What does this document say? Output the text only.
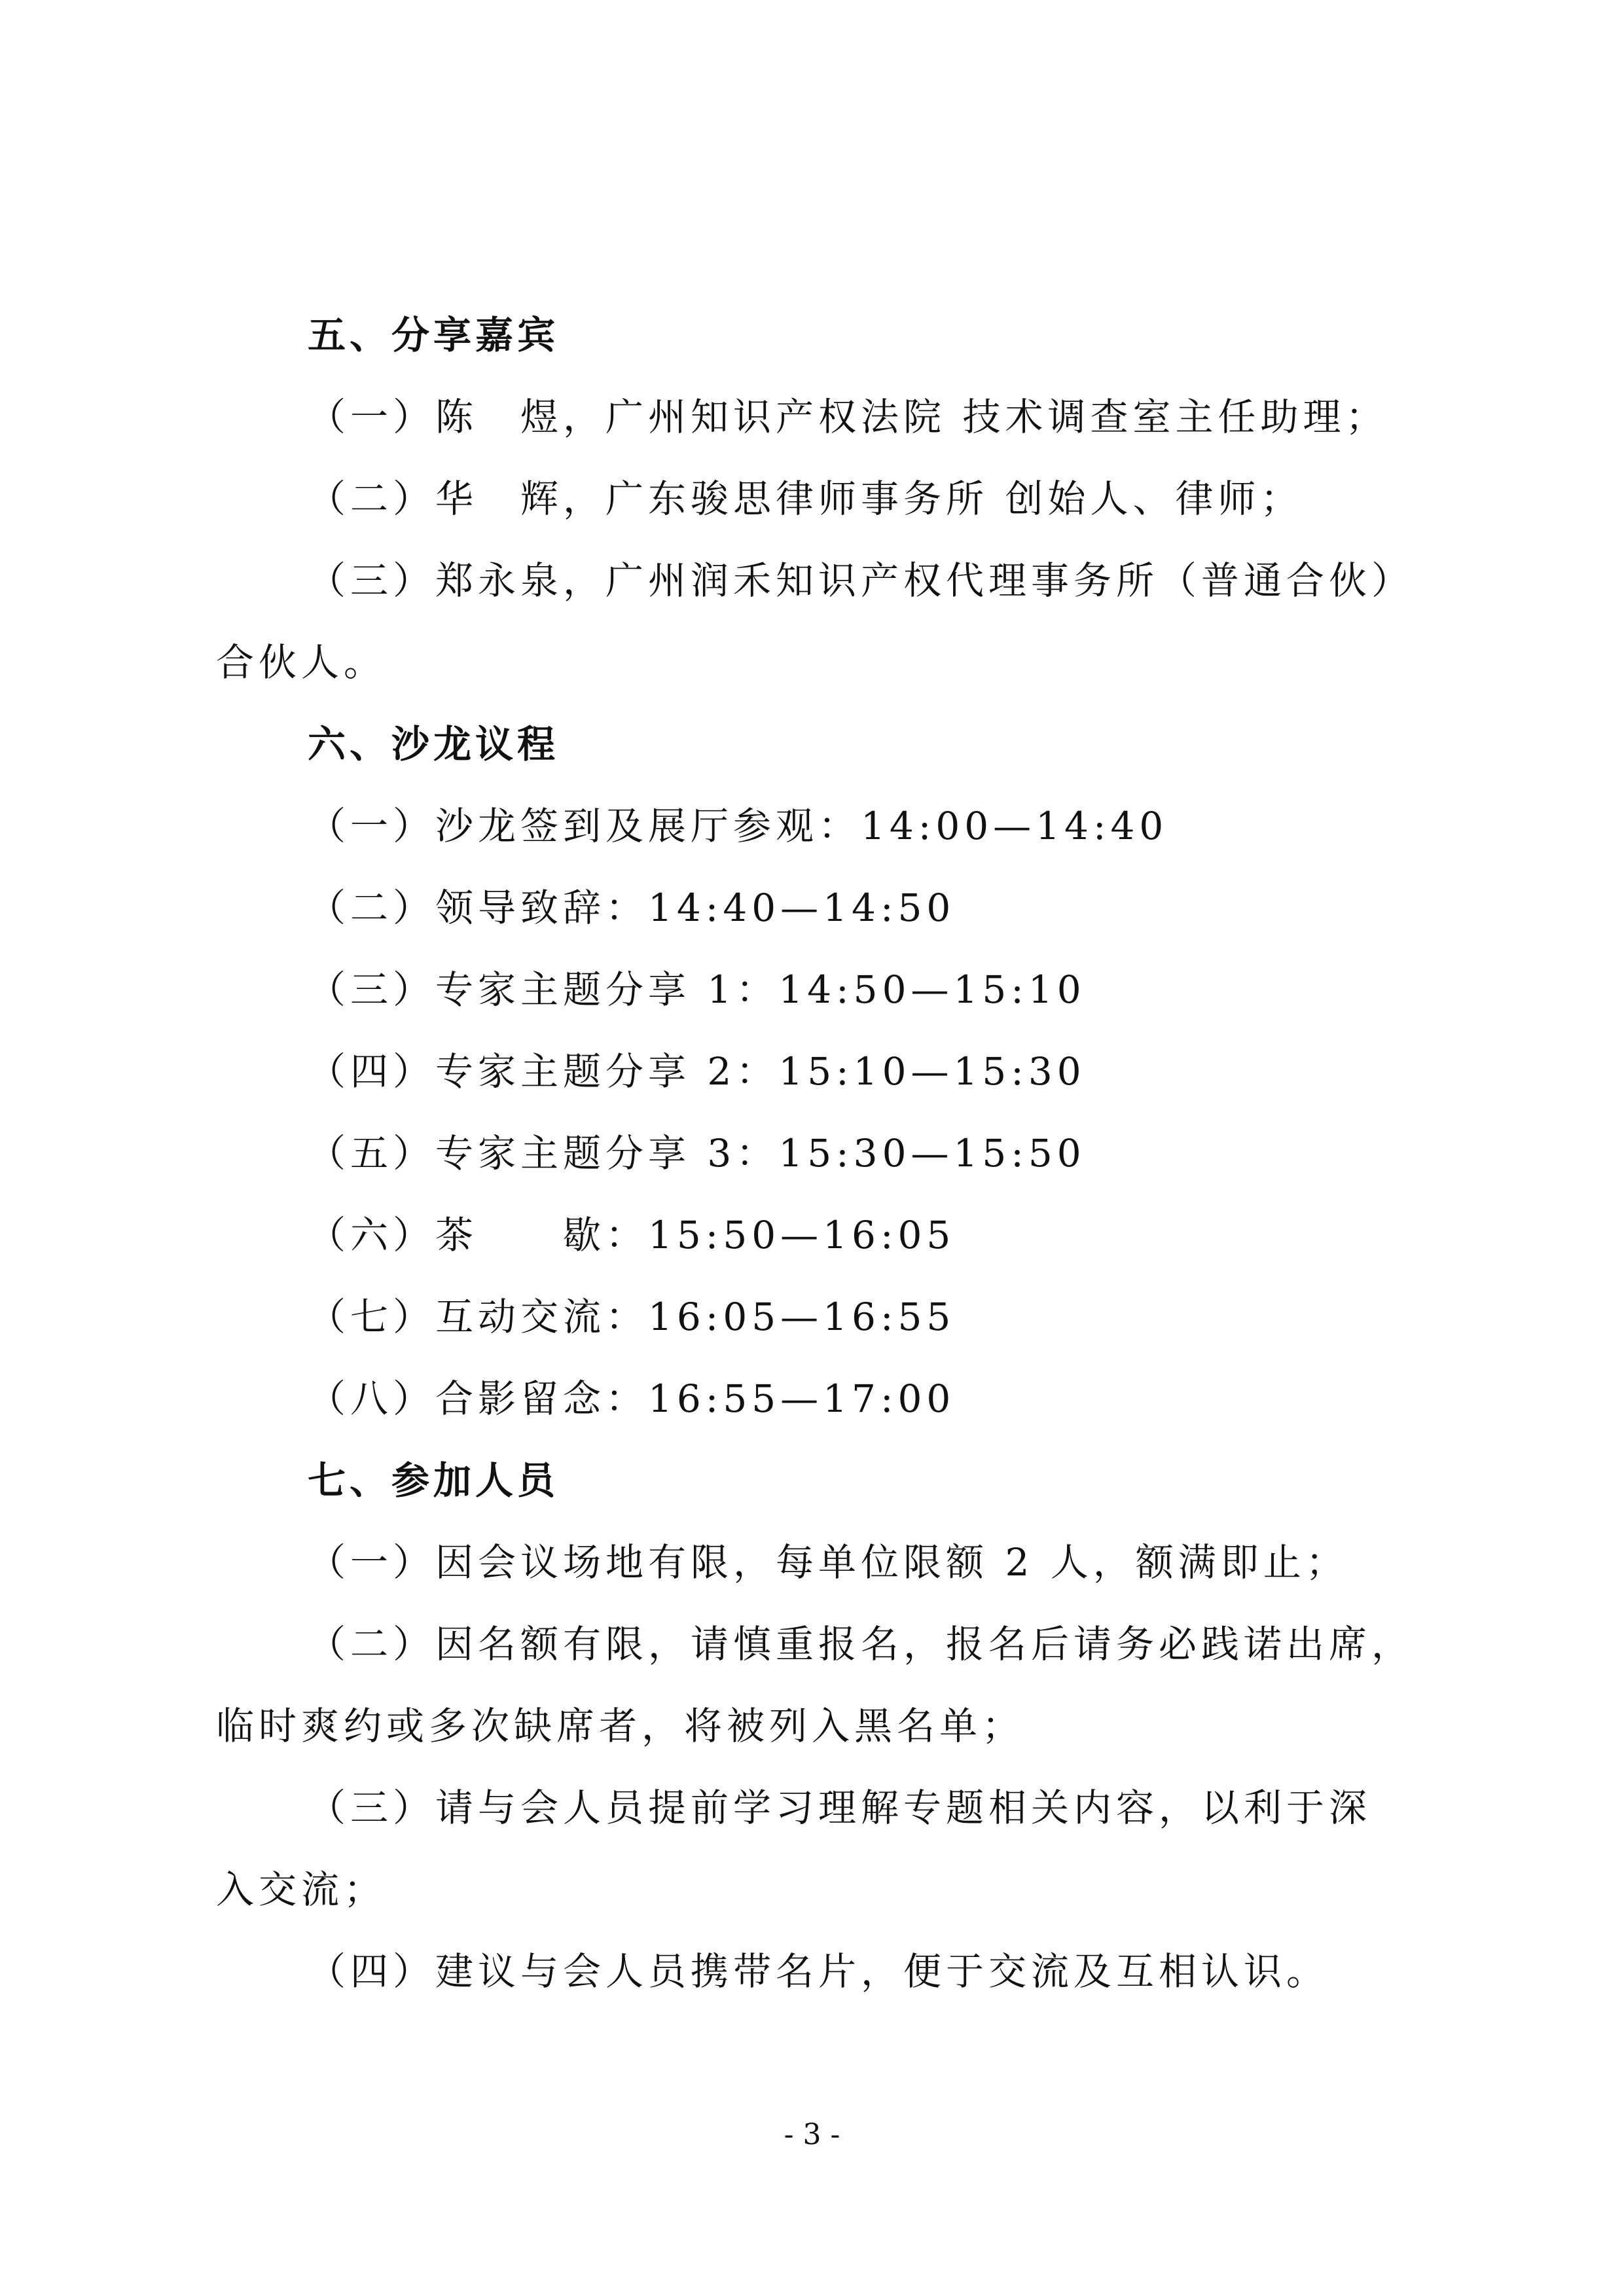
五、分享嘉宾
（一）陈　煜，广州知识产权法院 技术调查室主任助理；
（二）华　辉，广东骏思律师事务所 创始人、律师；
（三）郑永泉，广州润禾知识产权代理事务所（普通合伙）
合伙人。
六、沙龙议程
（一）沙龙签到及展厅参观：14:00—14:40
（二）领导致辞：14:40—14:50
（三）专家主题分享 1：14:50—15:10
（四）专家主题分享 2：15:10—15:30
（五）专家主题分享 3：15:30—15:50
（六）茶　　歇：15:50—16:05
（七）互动交流：16:05—16:55
（八）合影留念：16:55—17:00
七、参加人员
（一）因会议场地有限，每单位限额 2 人，额满即止；
（二）因名额有限，请慎重报名，报名后请务必践诺出席，
临时爽约或多次缺席者，将被列入黑名单；
（三）请与会人员提前学习理解专题相关内容，以利于深
入交流；
（四）建议与会人员携带名片，便于交流及互相认识。
- 3 -
